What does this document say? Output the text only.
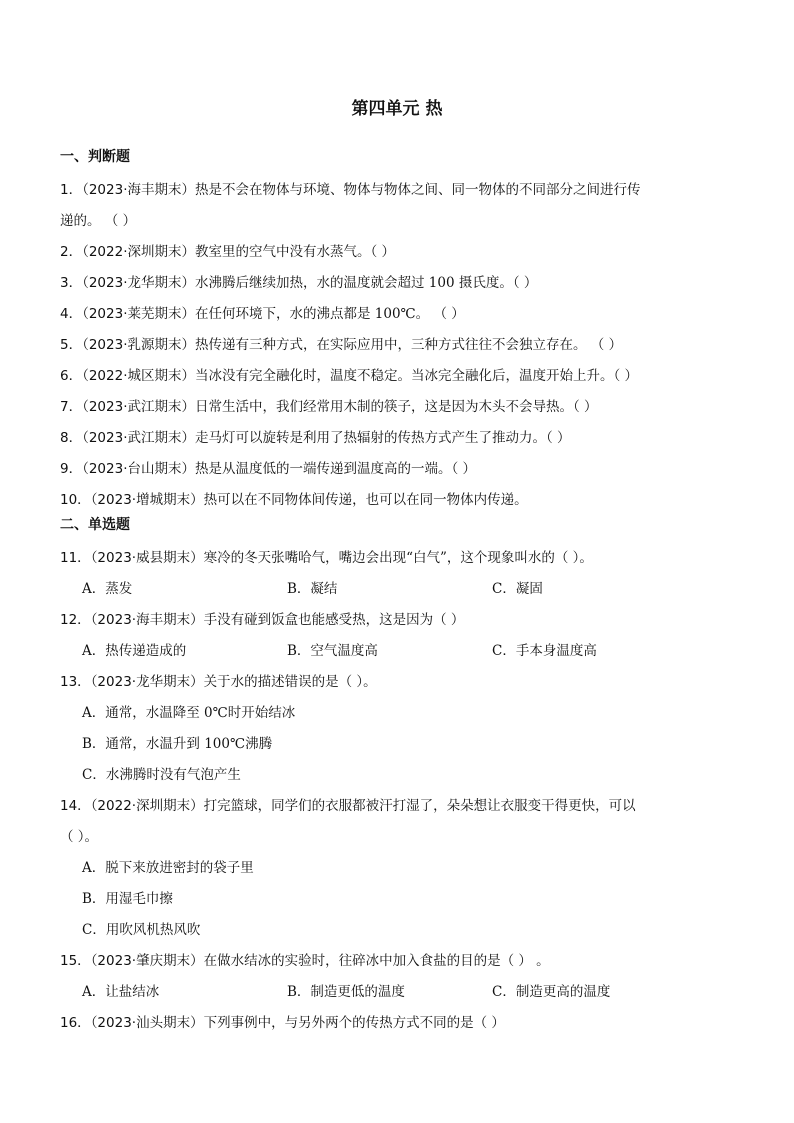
第四单元 热
一、判断题
1．（2023·海丰期末）热是不会在物体与环境、物体与物体之间、同一物体的不同部分之间进行传
递的。 （ ）
2．（2022·深圳期末）教室里的空气中没有水蒸气。（ ）
3．（2023·龙华期末）水沸腾后继续加热，水的温度就会超过 100 摄氏度。（ ）
4．（2023·莱芜期末）在任何环境下，水的沸点都是 100℃。 （ ）
5．（2023·乳源期末）热传递有三种方式，在实际应用中，三种方式往往不会独立存在。 （ ）
6．（2022·城区期末）当冰没有完全融化时，温度不稳定。当冰完全融化后，温度开始上升。（ ）
7．（2023·武江期末）日常生活中，我们经常用木制的筷子，这是因为木头不会导热。（ ）
8．（2023·武江期末）走马灯可以旋转是利用了热辐射的传热方式产生了推动力。（ ）
9．（2023·台山期末）热是从温度低的一端传递到温度高的一端。（ ）
10．（2023·增城期末）热可以在不同物体间传递，也可以在同一物体内传递。
二、单选题
11．（2023·威县期末）寒冷的冬天张嘴哈气，嘴边会出现“白气”，这个现象叫水的（ ）。
A．蒸发	B．凝结	C．凝固
12．（2023·海丰期末）手没有碰到饭盒也能感受热，这是因为（ ）
A．热传递造成的	B．空气温度高	C．手本身温度高
13．（2023·龙华期末）关于水的描述错误的是（ ）。
A．通常，水温降至 0℃时开始结冰
B．通常，水温升到 100℃沸腾
C．水沸腾时没有气泡产生
14．（2022·深圳期末）打完篮球，同学们的衣服都被汗打湿了，朵朵想让衣服变干得更快，可以
（ ）。
A．脱下来放进密封的袋子里
B．用湿毛巾擦
C．用吹风机热风吹
15．（2023·肇庆期末）在做水结冰的实验时，往碎冰中加入食盐的目的是（ ） 。
A．让盐结冰	B．制造更低的温度	C．制造更高的温度
16．（2023·汕头期末）下列事例中，与另外两个的传热方式不同的是（ ）
